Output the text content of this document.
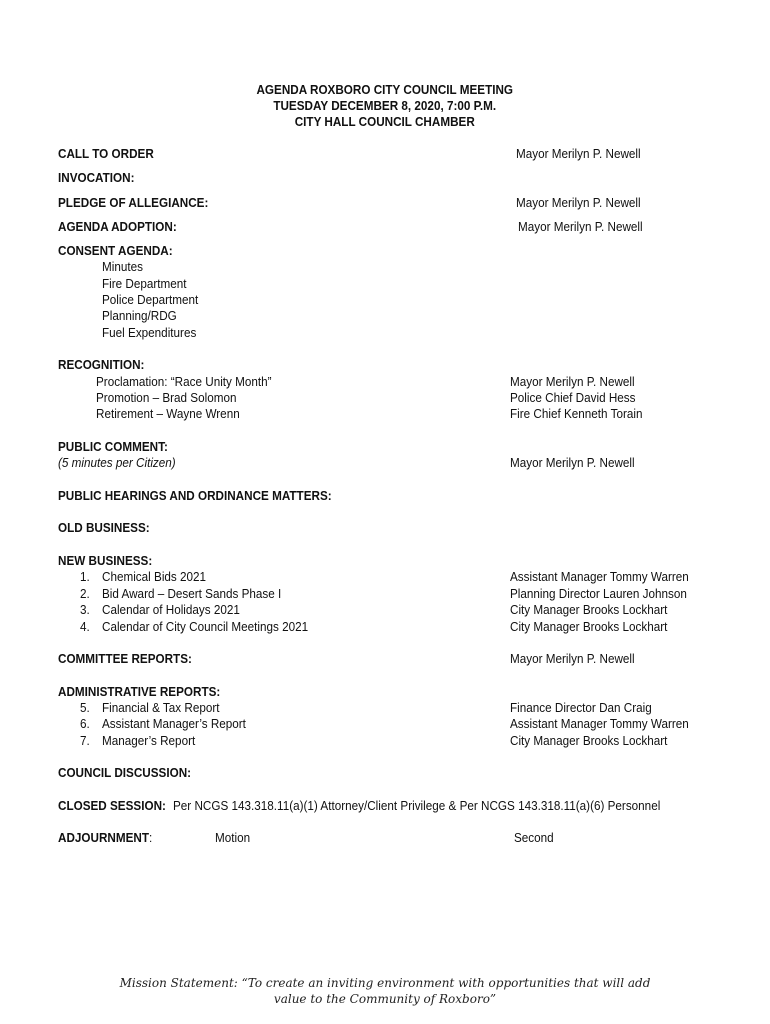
AGENDA ROXBORO CITY COUNCIL MEETING
TUESDAY DECEMBER 8, 2020, 7:00 P.M.
CITY HALL COUNCIL CHAMBER
CALL TO ORDER	Mayor Merilyn P. Newell
INVOCATION:
PLEDGE OF ALLEGIANCE:	Mayor Merilyn P. Newell
AGENDA ADOPTION:	Mayor Merilyn P. Newell
CONSENT AGENDA:
Minutes
Fire Department
Police Department
Planning/RDG
Fuel Expenditures
RECOGNITION:
Proclamation: “Race Unity Month”	Mayor Merilyn P. Newell
Promotion – Brad Solomon	Police Chief David Hess
Retirement – Wayne Wrenn	Fire Chief Kenneth Torain
PUBLIC COMMENT:
(5 minutes per Citizen)	Mayor Merilyn P. Newell
PUBLIC HEARINGS AND ORDINANCE MATTERS:
OLD BUSINESS:
NEW BUSINESS:
1. Chemical Bids 2021	Assistant Manager Tommy Warren
2. Bid Award – Desert Sands Phase I	Planning Director Lauren Johnson
3. Calendar of Holidays 2021	City Manager Brooks Lockhart
4. Calendar of City Council Meetings 2021	City Manager Brooks Lockhart
COMMITTEE REPORTS:	Mayor Merilyn P. Newell
ADMINISTRATIVE REPORTS:
5. Financial & Tax Report	Finance Director Dan Craig
6. Assistant Manager’s Report	Assistant Manager Tommy Warren
7. Manager’s Report	City Manager Brooks Lockhart
COUNCIL DISCUSSION:
CLOSED SESSION: Per NCGS 143.318.11(a)(1) Attorney/Client Privilege & Per NCGS 143.318.11(a)(6) Personnel
ADJOURNMENT:	Motion	Second
Mission Statement: “To create an inviting environment with opportunities that will add
value to the Community of Roxboro”
